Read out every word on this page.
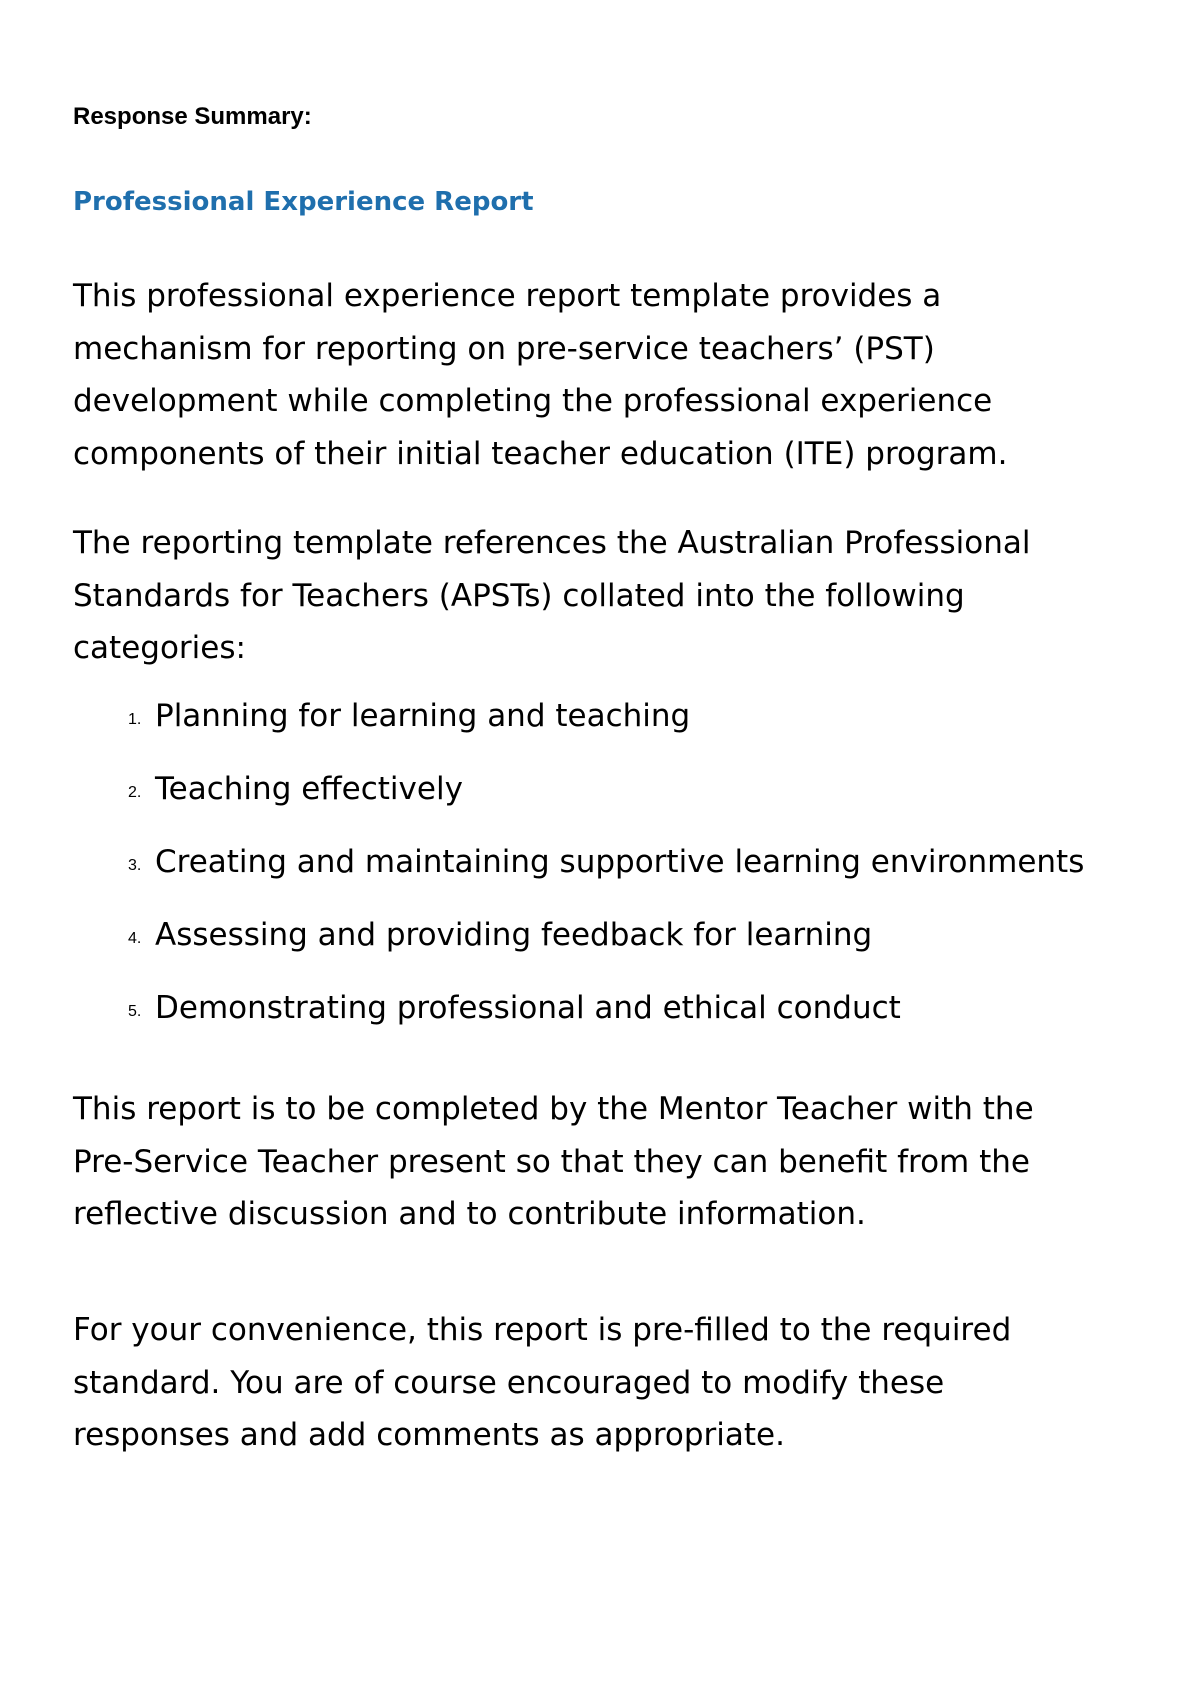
Response Summary:
Professional Experience Report

This professional experience report template provides a
mechanism for reporting on pre-service teachers’ (PST)
development while completing the professional experience
components of their initial teacher education (ITE) program.

The reporting template references the Australian Professional
Standards for Teachers (APSTs) collated into the following
categories:

1. Planning for learning and teaching
2. Teaching effectively
3. Creating and maintaining supportive learning environments
4. Assessing and providing feedback for learning
5. Demonstrating professional and ethical conduct

This report is to be completed by the Mentor Teacher with the
Pre-Service Teacher present so that they can benefit from the
reflective discussion and to contribute information.

For your convenience, this report is pre-filled to the required
standard. You are of course encouraged to modify these
responses and add comments as appropriate.
